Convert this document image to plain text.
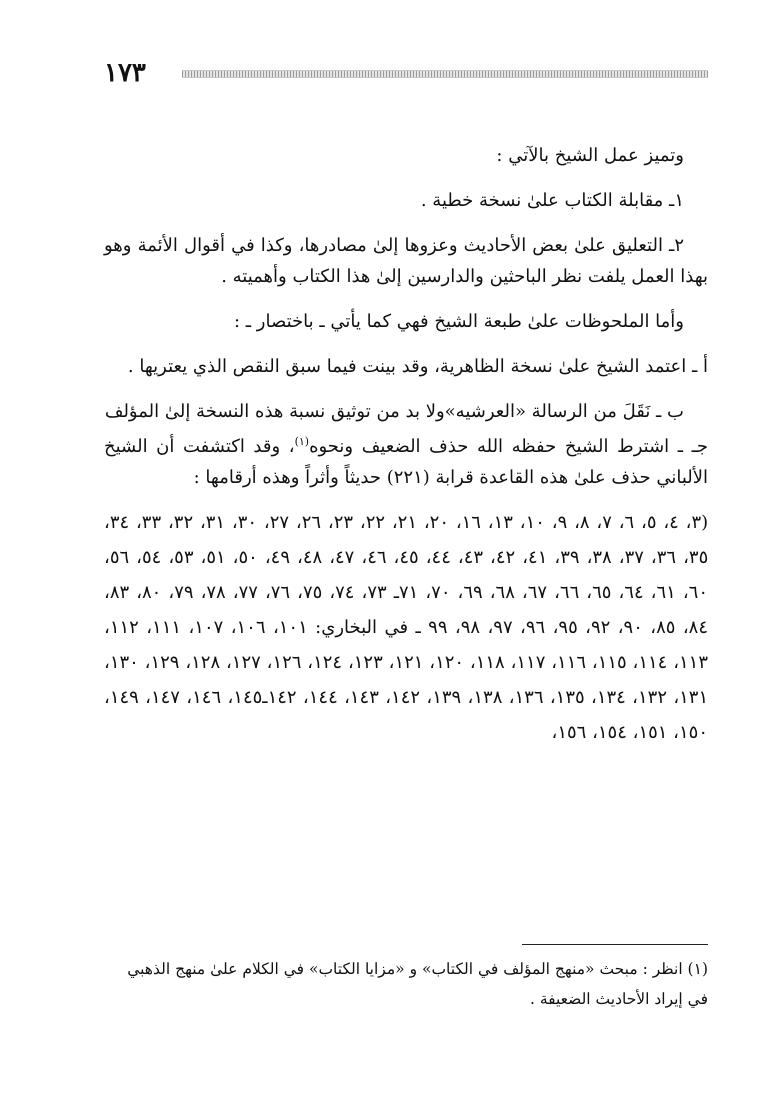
١٧٣

وتميز عمل الشيخ بالآتي :

١ـ مقابلة الكتاب علىٰ نسخة خطية .

٢ـ التعليق علىٰ بعض الأحاديث وعزوها إلىٰ مصادرها، وكذا في أقوال الأئمة وهو بهذا العمل يلفت نظر الباحثين والدارسين إلىٰ هذا الكتاب وأهميته .

وأما الملحوظات علىٰ طبعة الشيخ فهي كما يأتي ـ باختصار ـ :

أ ـ اعتمد الشيخ علىٰ نسخة الظاهرية، وقد بينت فيما سبق النقص الذي يعتريها .

ب ـ نَقَلَ من الرسالة «العرشيه»ولا بد من توثيق نسبة هذه النسخة إلىٰ المؤلف

جـ ـ اشترط الشيخ حفظه الله حذف الضعيف ونحوه$^{(١)}$، وقد اكتشفت أن الشيخ الألباني حذف علىٰ هذه القاعدة قرابة (٢٢١) حديثاً وأثراً وهذه أرقامها :

(٣، ٤، ٥، ٦، ٧، ٨، ٩، ١٠، ١٣، ١٦، ٢٠، ٢١، ٢٢، ٢٣، ٢٦، ٢٧، ٣٠، ٣١، ٣٢، ٣٣، ٣٤، ٣٥، ٣٦، ٣٧، ٣٨، ٣٩، ٤١، ٤٢، ٤٣، ٤٤، ٤٥، ٤٦، ٤٧، ٤٨، ٤٩، ٥٠، ٥١، ٥٣، ٥٤، ٥٦، ٦٠، ٦١، ٦٤، ٦٥، ٦٦، ٦٧، ٦٨، ٦٩، ٧٠، ٧١ـ ٧٣، ٧٤، ٧٥، ٧٦، ٧٧، ٧٨، ٧٩، ٨٠، ٨٣، ٨٤، ٨٥، ٩٠، ٩٢، ٩٥، ٩٦، ٩٧، ٩٨، ٩٩ ـ في البخاري: ١٠١، ١٠٦، ١٠٧، ١١١، ١١٢، ١١٣، ١١٤، ١١٥، ١١٦، ١١٧، ١١٨، ١٢٠، ١٢١، ١٢٣، ١٢٤، ١٢٦، ١٢٧، ١٢٨، ١٢٩، ١٣٠، ١٣١، ١٣٢، ١٣٤، ١٣٥، ١٣٦، ١٣٨، ١٣٩، ١٤٢، ١٤٣، ١٤٤، ١٤٢ـ١٤٥، ١٤٦، ١٤٧، ١٤٩، ١٥٠، ١٥١، ١٥٤، ١٥٦،

(١) انظر : مبحث «منهج المؤلف في الكتاب» و «مزايا الكتاب» في الكلام علىٰ منهج الذهبي

في إيراد الأحاديث الضعيفة .
